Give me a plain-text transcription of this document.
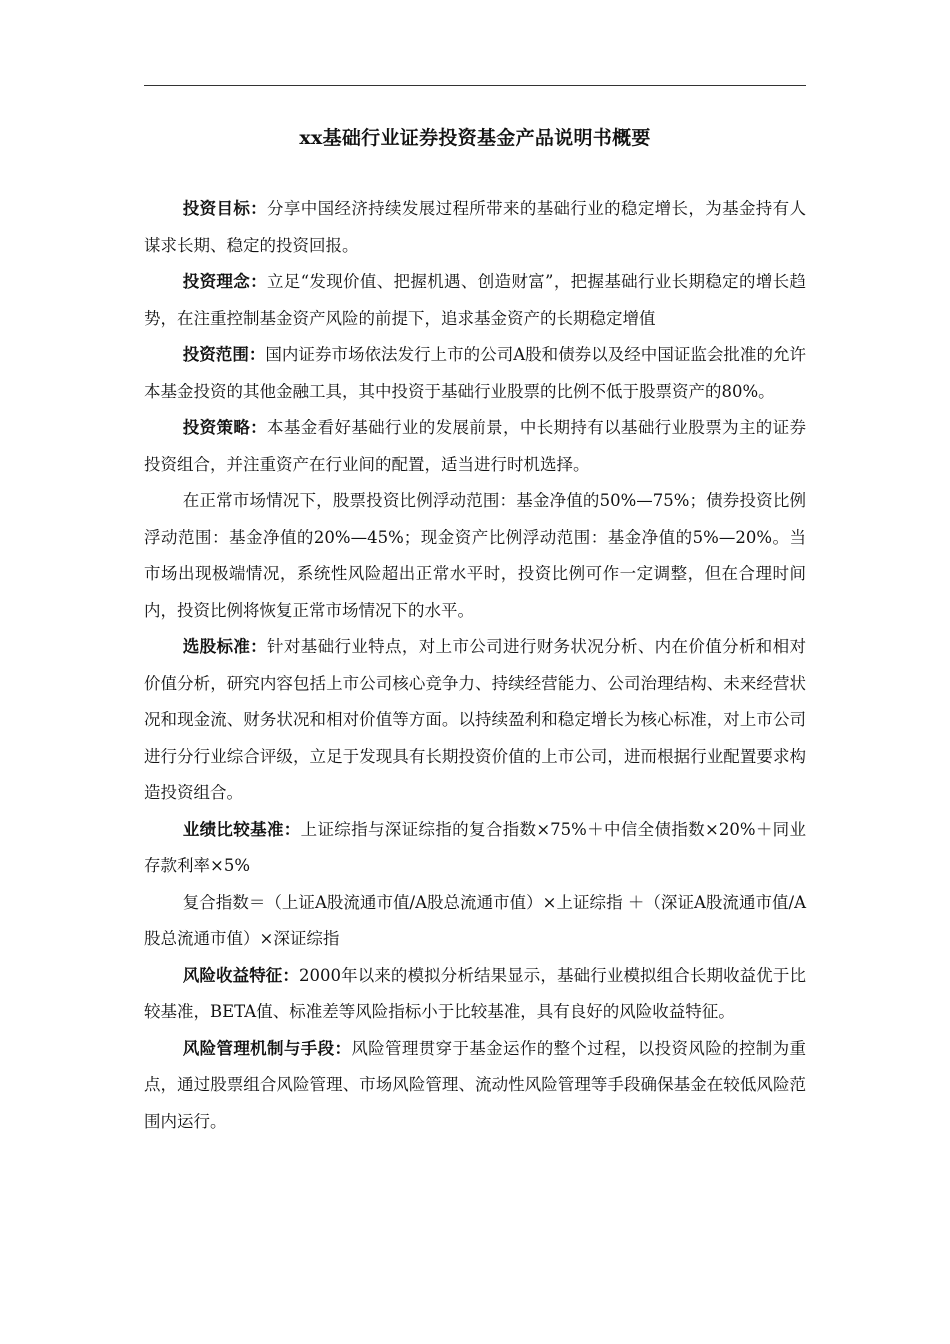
xx基础行业证券投资基金产品说明书概要

投资目标：分享中国经济持续发展过程所带来的基础行业的稳定增长，为基金持有人谋求长期、稳定的投资回报。

投资理念：立足“发现价值、把握机遇、创造财富”，把握基础行业长期稳定的增长趋势，在注重控制基金资产风险的前提下，追求基金资产的长期稳定增值

投资范围：国内证券市场依法发行上市的公司A股和债券以及经中国证监会批准的允许本基金投资的其他金融工具，其中投资于基础行业股票的比例不低于股票资产的80%。

投资策略：本基金看好基础行业的发展前景，中长期持有以基础行业股票为主的证券投资组合，并注重资产在行业间的配置，适当进行时机选择。

在正常市场情况下，股票投资比例浮动范围：基金净值的50%—75%；债券投资比例浮动范围：基金净值的20%—45%；现金资产比例浮动范围：基金净值的5%—20%。当市场出现极端情况，系统性风险超出正常水平时，投资比例可作一定调整，但在合理时间内，投资比例将恢复正常市场情况下的水平。

选股标准：针对基础行业特点，对上市公司进行财务状况分析、内在价值分析和相对价值分析，研究内容包括上市公司核心竞争力、持续经营能力、公司治理结构、未来经营状况和现金流、财务状况和相对价值等方面。以持续盈利和稳定增长为核心标准，对上市公司进行分行业综合评级，立足于发现具有长期投资价值的上市公司，进而根据行业配置要求构造投资组合。

业绩比较基准：上证综指与深证综指的复合指数×75%＋中信全债指数×20%＋同业存款利率×5%

复合指数＝（上证A股流通市值/A股总流通市值）×上证综指 ＋（深证A股流通市值/A股总流通市值）×深证综指

风险收益特征：2000年以来的模拟分析结果显示，基础行业模拟组合长期收益优于比较基准，BETA值、标准差等风险指标小于比较基准，具有良好的风险收益特征。

风险管理机制与手段：风险管理贯穿于基金运作的整个过程，以投资风险的控制为重点，通过股票组合风险管理、市场风险管理、流动性风险管理等手段确保基金在较低风险范围内运行。
